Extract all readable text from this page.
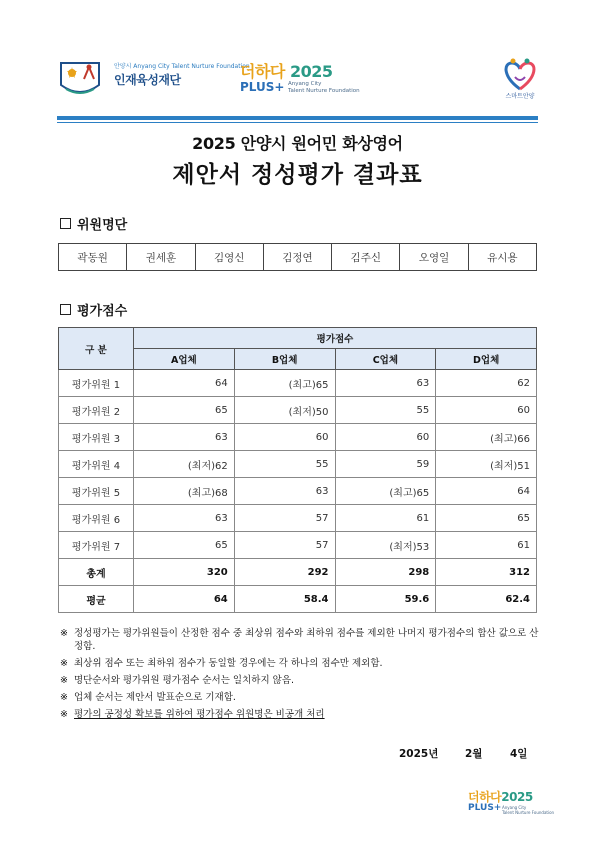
안양시 Anyang City Talent Nurture Foundation
인재육성재단	더하다 2025
PLUS+ Anyang City
Talent Nurture Foundation
스마트안양
2025 안양시 원어민 화상영어
제안서 정성평가 결과표
위원명단
곽동원	권세훈	김영신	김정연	김주신	오영일	유시용
평가점수
구 분	평가점수			
	A업체	B업체	C업체	D업체
평가위원 1	64	(최고)65	63	62
평가위원 2	65	(최저)50	55	60
평가위원 3	63	60	60	(최고)66
평가위원 4	(최저)62	55	59	(최저)51
평가위원 5	(최고)68	63	(최고)65	64
평가위원 6	63	57	61	65
평가위원 7	65	57	(최저)53	61
총계	320	292	298	312
평균	64	58.4	59.6	62.4
※ 정성평가는 평가위원들이 산정한 점수 중 최상위 점수와 최하위 점수를 제외한 나머지 평가점수의 합산 값으로 산정함.
※ 최상위 점수 또는 최하위 점수가 동일할 경우에는 각 하나의 점수만 제외함.
※ 명단순서와 평가위원 평가점수 순서는 일치하지 않음.
※ 업체 순서는 제안서 발표순으로 기재함.
※ 평가의 공정성 확보를 위하여 평가점수 위원명은 비공개 처리
2025년	2월	4일
더하다2025
PLUS+ Anyang City
Talent Nurture Foundation
